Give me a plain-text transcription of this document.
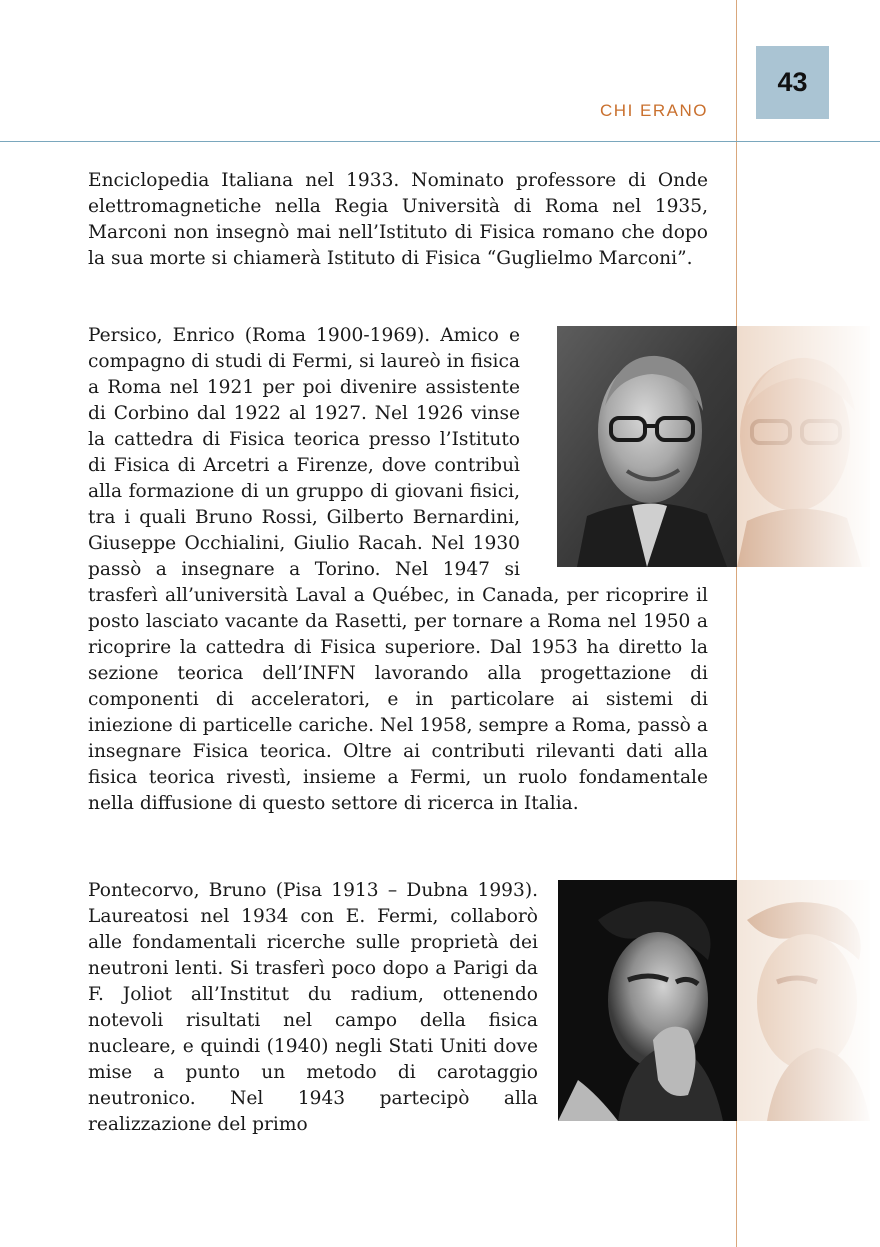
43
CHI ERANO

Enciclopedia Italiana nel 1933. Nominato professore di Onde elettromagnetiche nella Regia Università di Roma nel 1935, Marconi non insegnò mai nell’Istituto di Fisica romano che dopo la sua morte si chiamerà Istituto di Fisica “Guglielmo Marconi”.

Persico, Enrico (Roma 1900-1969). Amico e compagno di studi di Fermi, si laureò in fisica a Roma nel 1921 per poi divenire assistente di Corbino dal 1922 al 1927. Nel 1926 vinse la cattedra di Fisica teorica presso l’Istituto di Fisica di Arcetri a Firenze, dove contribuì alla formazione di un gruppo di giovani fisici, tra i quali Bruno Rossi, Gilberto Bernardini, Giuseppe Occhialini, Giulio Racah. Nel 1930 passò a insegnare a Torino. Nel 1947 si trasferì all’università Laval a Québec, in Canada, per ricoprire il posto lasciato vacante da Rasetti, per tornare a Roma nel 1950 a ricoprire la cattedra di Fisica superiore. Dal 1953 ha diretto la sezione teorica dell’INFN lavorando alla progettazione di componenti di acceleratori, e in particolare ai sistemi di iniezione di particelle cariche. Nel 1958, sempre a Roma, passò a insegnare Fisica teorica. Oltre ai contributi rilevanti dati alla fisica teorica rivestì, insieme a Fermi, un ruolo fondamentale nella diffusione di questo settore di ricerca in Italia.

Pontecorvo, Bruno (Pisa 1913 – Dubna 1993). Laureatosi nel 1934 con E. Fermi, collaborò alle fondamentali ricerche sulle proprietà dei neutroni lenti. Si trasferì poco dopo a Parigi da F. Joliot all’Institut du radium, ottenendo notevoli risultati nel campo della fisica nucleare, e quindi (1940) negli Stati Uniti dove mise a punto un metodo di carotaggio neutronico. Nel 1943 partecipò alla realizzazione del primo
